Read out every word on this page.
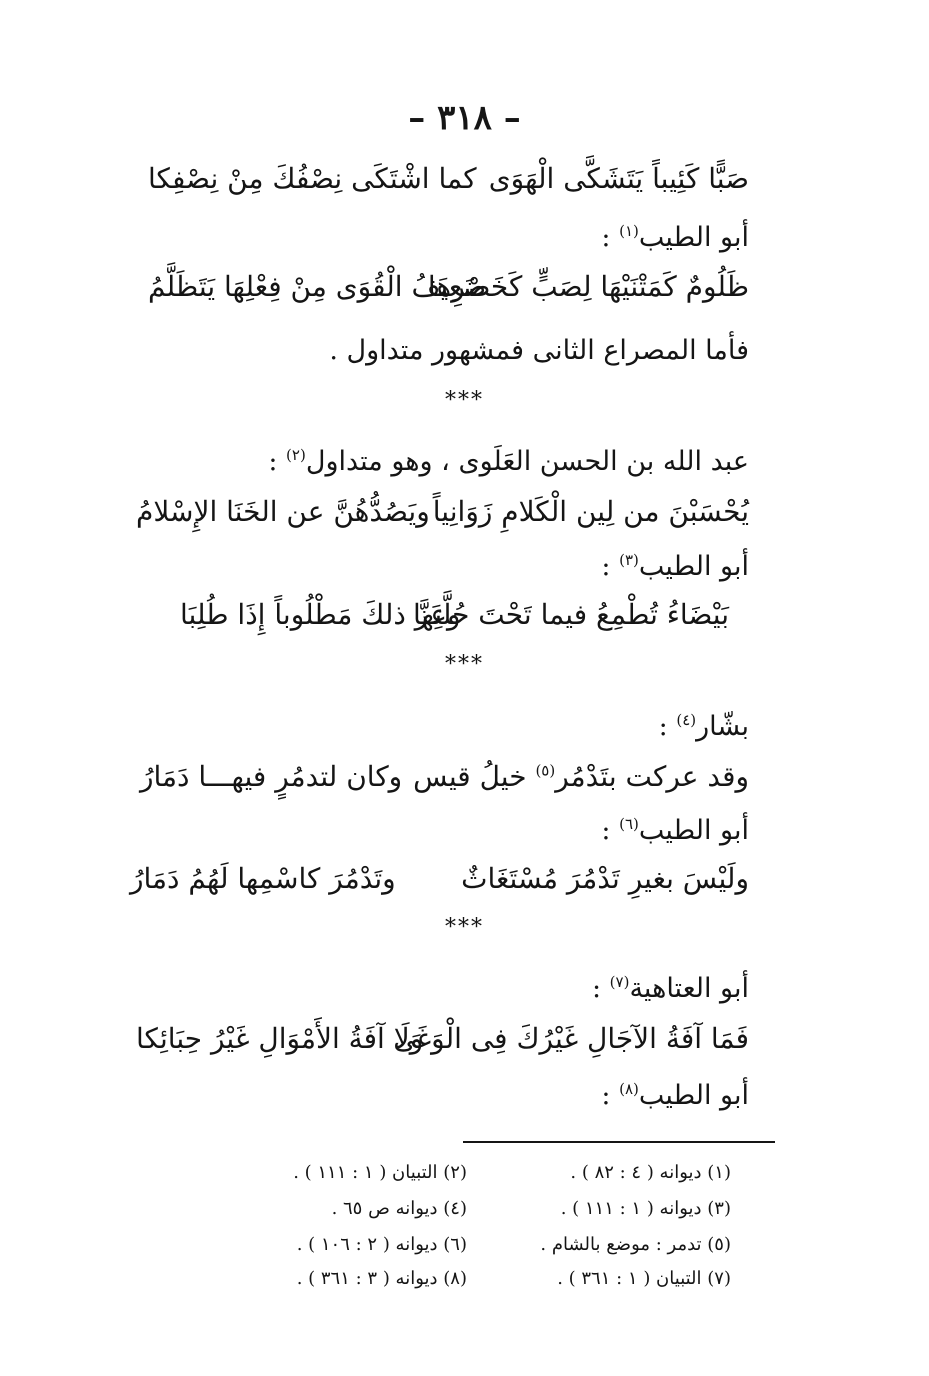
– ٣١٨ –
صَبًّا كَئِيباً يَتَشَكَّى الْهَوَى
كما اشْتَكَى نِصْفُكَ مِنْ نِصْفِكا
أبو الطيب$^{(١)}$ :
ظَلُومٌ كَمَتْنَيْهَا لِصَبٍّ كَخَصْرِهَا
ضَعِيفُ الْقُوَى مِنْ فِعْلِهَا يَتَظَلَّمُ
فأما المصراع الثانى فمشهور متداول .
***
عبد الله بن الحسن العَلَوى ، وهو متداول$^{(٢)}$ :
يُحْسَبْنَ من لِين الْكَلامِ زَوَانِياً
ويَصُدُّهُنَّ عن الخَنَا الإِسْلامُ
أبو الطيب$^{(٣)}$ :
بَيْضَاءُ تُطْمِعُ فيما تَحْتَ حُلَّتِها
وعَزَّ ذلكَ مَطْلُوباً إِذَا طُلِبَا
***
بشّار$^{(٤)}$ :
وقد عركت بتَدْمُر$^{(٥)}$ خيلُ قيس
وكان لتدمُرٍ فيهـــا دَمَارُ
أبو الطيب$^{(٦)}$ :
ولَيْسَ بغيرِ تَدْمُرَ مُسْتَغَاثٌ
وتَدْمُرَ كاسْمِها لَهُمُ دَمَارُ
***
أبو العتاهية$^{(٧)}$ :
فَمَا آفَةُ الآجَالِ غَيْرُكَ فِى الْوَغَى
وَلَا آفَةُ الأَمْوَالِ غَيْرُ حِبَائِكا
أبو الطيب$^{(٨)}$ :
(١) ديوانه ( ٤ : ٨٢ ) .
(٢) التبيان ( ١ : ١١١ ) .
(٣) ديوانه ( ١ : ١١١ ) .
(٤) ديوانه ص ٦٥ .
(٥) تدمر : موضع بالشام .
(٦) ديوانه ( ٢ : ١٠٦ ) .
(٧) التبيان ( ١ : ٣٦١ ) .
(٨) ديوانه ( ٣ : ٣٦١ ) .
